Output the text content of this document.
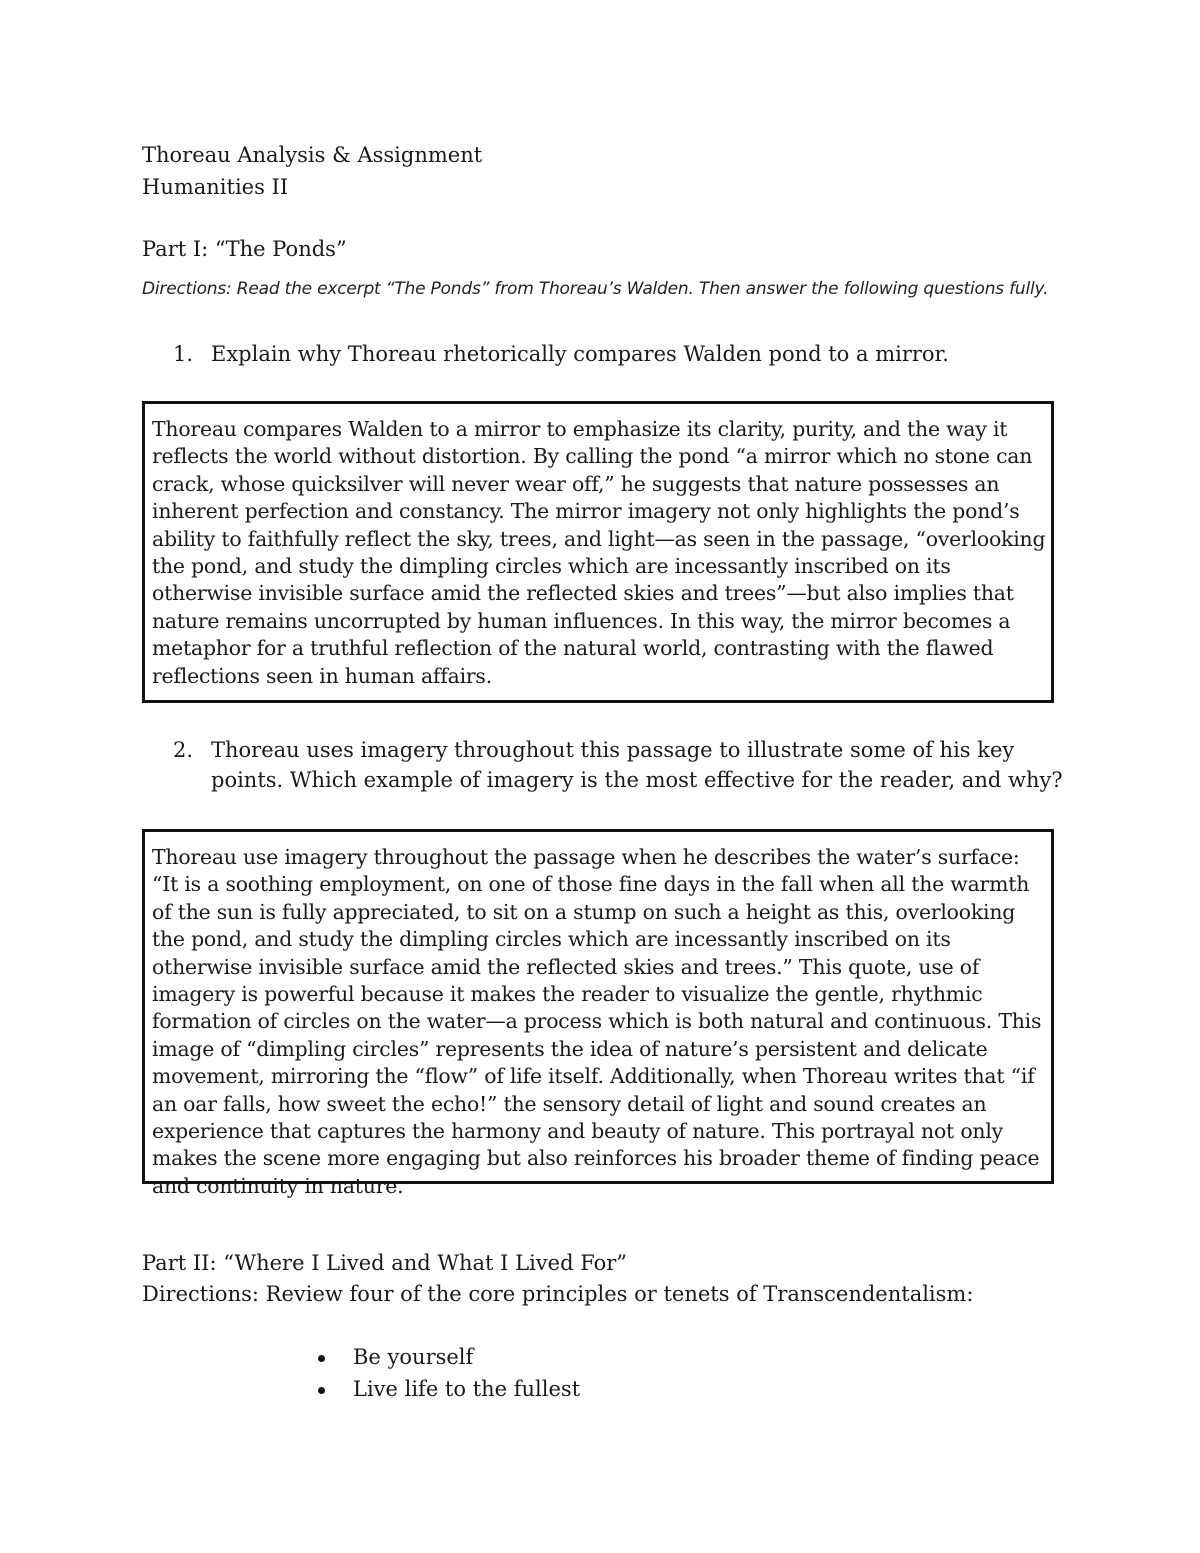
Thoreau Analysis & Assignment
Humanities II
Part I: “The Ponds”
Directions: Read the excerpt “The Ponds” from Thoreau’s Walden. Then answer the following questions fully.
1. Explain why Thoreau rhetorically compares Walden pond to a mirror.
Thoreau compares Walden to a mirror to emphasize its clarity, purity, and the way it reflects the world without distortion. By calling the pond “a mirror which no stone can crack, whose quicksilver will never wear off,” he suggests that nature possesses an inherent perfection and constancy. The mirror imagery not only highlights the pond’s ability to faithfully reflect the sky, trees, and light—as seen in the passage, “overlooking the pond, and study the dimpling circles which are incessantly inscribed on its otherwise invisible surface amid the reflected skies and trees”—but also implies that nature remains uncorrupted by human influences. In this way, the mirror becomes a metaphor for a truthful reflection of the natural world, contrasting with the flawed reflections seen in human affairs.
2. Thoreau uses imagery throughout this passage to illustrate some of his key points. Which example of imagery is the most effective for the reader, and why?
Thoreau use imagery throughout the passage when he describes the water’s surface: “It is a soothing employment, on one of those fine days in the fall when all the warmth of the sun is fully appreciated, to sit on a stump on such a height as this, overlooking the pond, and study the dimpling circles which are incessantly inscribed on its otherwise invisible surface amid the reflected skies and trees.” This quote, use of imagery is powerful because it makes the reader to visualize the gentle, rhythmic formation of circles on the water—a process which is both natural and continuous. This image of “dimpling circles” represents the idea of nature’s persistent and delicate movement, mirroring the “flow” of life itself. Additionally, when Thoreau writes that “if an oar falls, how sweet the echo!” the sensory detail of light and sound creates an experience that captures the harmony and beauty of nature. This portrayal not only makes the scene more engaging but also reinforces his broader theme of finding peace and continuity in nature.
Part II: “Where I Lived and What I Lived For”
Directions: Review four of the core principles or tenets of Transcendentalism:
Be yourself
Live life to the fullest
